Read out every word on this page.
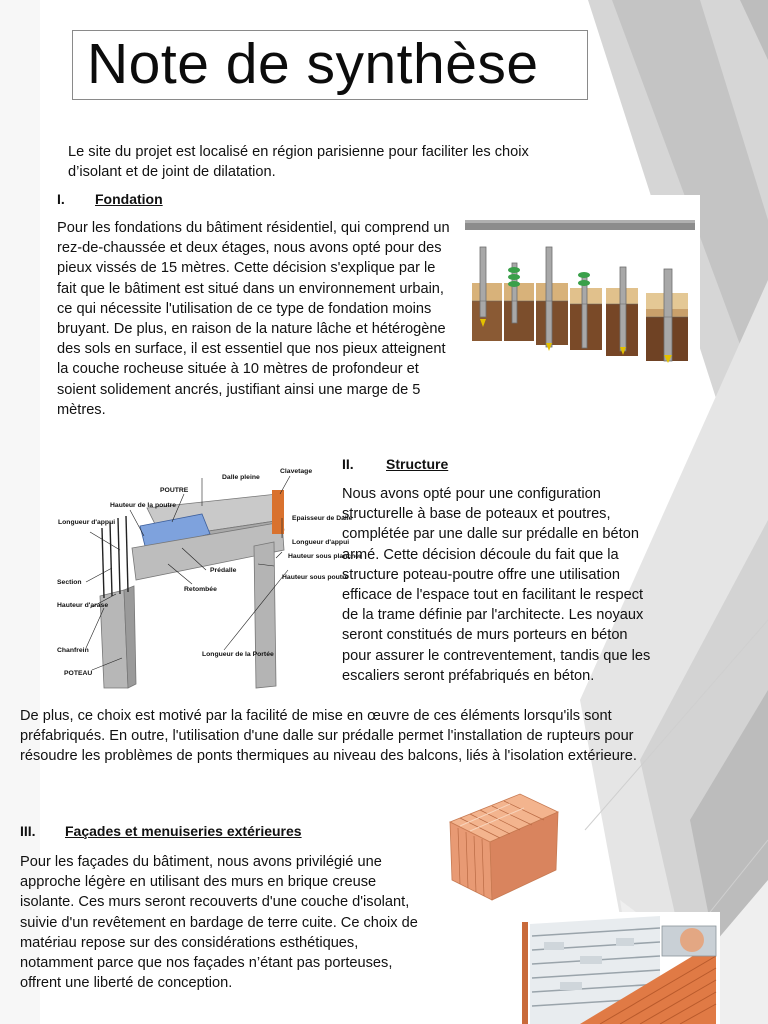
Note de synthèse
Le site du projet est localisé en région parisienne pour faciliter les choix d’isolant et de joint de dilatation.
I. Fondation
Pour les fondations du bâtiment résidentiel, qui comprend un rez-de-chaussée et deux étages, nous avons opté pour des pieux vissés de 15 mètres. Cette décision s'explique par le fait que le bâtiment est situé dans un environnement urbain, ce qui nécessite l'utilisation de ce type de fondation moins bruyant. De plus, en raison de la nature lâche et hétérogène des sols en surface, il est essentiel que nos pieux atteignent la couche rocheuse située à 10 mètres de profondeur et soient solidement ancrés, justifiant ainsi une marge de 5 mètres.
Dalle pleine
Clavetage
POUTRE
Hauteur de la poutre
Longueur d'appui
Epaisseur de Dalle
Longueur d'appui
Hauteur sous plancher
Hauteur sous poutre
Prédalle
Retombée
Section
Hauteur d'arase
Chanfrein
POTEAU
Longueur de la Portée
II. Structure
Nous avons opté pour une configuration structurelle à base de poteaux et poutres, complétée par une dalle sur prédalle en béton armé. Cette décision découle du fait que la structure poteau-poutre offre une utilisation efficace de l'espace tout en facilitant le respect de la trame définie par l'architecte. Les noyaux seront constitués de murs porteurs en béton pour assurer le contreventement, tandis que les escaliers seront préfabriqués en béton.
De plus, ce choix est motivé par la facilité de mise en œuvre de ces éléments lorsqu'ils sont préfabriqués. En outre, l'utilisation d'une dalle sur prédalle permet l'installation de rupteurs pour résoudre les problèmes de ponts thermiques au niveau des balcons, liés à l'isolation extérieure.
III. Façades et menuiseries extérieures
Pour les façades du bâtiment, nous avons privilégié une approche légère en utilisant des murs en brique creuse isolante. Ces murs seront recouverts d'une couche d'isolant, suivie d'un revêtement en bardage de terre cuite. Ce choix de matériau repose sur des considérations esthétiques, notamment parce que nos façades n’étant pas porteuses, offrent une liberté de conception.
